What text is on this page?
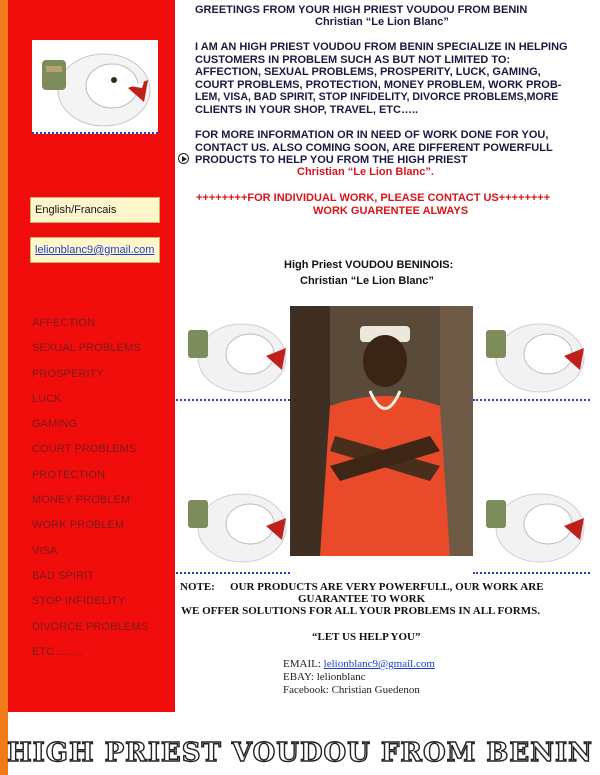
English/Francais
lelionblanc9@gmail.com
AFFECTION
SEXUAL PROBLEMS
PROSPERITY
LUCK
GAMING
COURT PROBLEMS
PROTECTION
MONEY PROBLEM
WORK PROBLEM
VISA
BAD SPIRIT
STOP INFIDELITY
DIVORCE PROBLEMS
ETC……..
GREETINGS FROM YOUR HIGH PRIEST VOUDOU FROM BENIN
Christian “Le Lion Blanc”
I AM AN HIGH PRIEST VOUDOU FROM BENIN SPECIALIZE IN HELPING
CUSTOMERS IN PROBLEM SUCH AS BUT NOT LIMITED TO:
AFFECTION, SEXUAL PROBLEMS, PROSPERITY, LUCK, GAMING,
COURT PROBLEMS, PROTECTION, MONEY PROBLEM, WORK PROB-
LEM, VISA, BAD SPIRIT, STOP INFIDELITY, DIVORCE PROBLEMS,MORE
CLIENTS IN YOUR SHOP, TRAVEL, ETC…..
FOR MORE INFORMATION OR IN NEED OF WORK DONE FOR YOU,
CONTACT US. ALSO COMING SOON, ARE DIFFERENT POWERFULL
PRODUCTS TO HELP YOU FROM THE HIGH PRIEST
Christian “Le Lion Blanc”.
++++++++FOR INDIVIDUAL WORK, PLEASE CONTACT US++++++++
WORK GUARENTEE ALWAYS
High Priest VOUDOU BENINOIS:
Christian “Le Lion Blanc”
NOTE: OUR PRODUCTS ARE VERY POWERFULL, OUR WORK ARE
GUARANTEE TO WORK
WE OFFER SOLUTIONS FOR ALL YOUR PROBLEMS IN ALL FORMS.
“LET US HELP YOU”
EMAIL: lelionblanc9@gmail.com
EBAY: lelionblanc
Facebook: Christian Guedenon
HIGH PRIEST VOUDOU FROM BENIN
